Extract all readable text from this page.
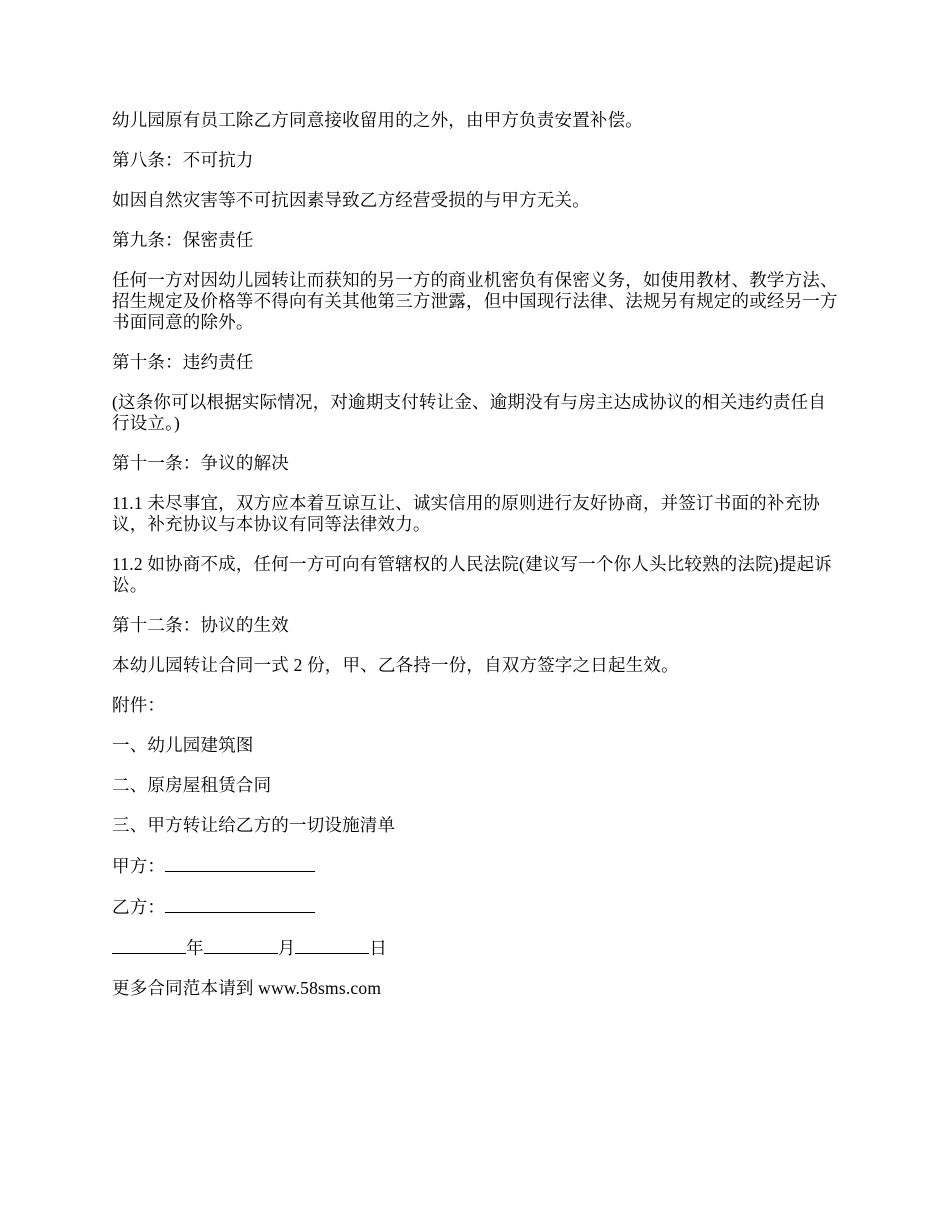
幼儿园原有员工除乙方同意接收留用的之外，由甲方负责安置补偿。

第八条：不可抗力

如因自然灾害等不可抗因素导致乙方经营受损的与甲方无关。

第九条：保密责任

任何一方对因幼儿园转让而获知的另一方的商业机密负有保密义务，如使用教材、教学方法、招生规定及价格等不得向有关其他第三方泄露，但中国现行法律、法规另有规定的或经另一方书面同意的除外。

第十条：违约责任

(这条你可以根据实际情况，对逾期支付转让金、逾期没有与房主达成协议的相关违约责任自行设立。)

第十一条：争议的解决

11.1 未尽事宜，双方应本着互谅互让、诚实信用的原则进行友好协商，并签订书面的补充协议，补充协议与本协议有同等法律效力。

11.2 如协商不成，任何一方可向有管辖权的人民法院(建议写一个你人头比较熟的法院)提起诉讼。

第十二条：协议的生效

本幼儿园转让合同一式 2 份，甲、乙各持一份，自双方签字之日起生效。

附件：

一、幼儿园建筑图

二、原房屋租赁合同

三、甲方转让给乙方的一切设施清单

甲方：

乙方：

年	月	日

更多合同范本请到 www.58sms.com
